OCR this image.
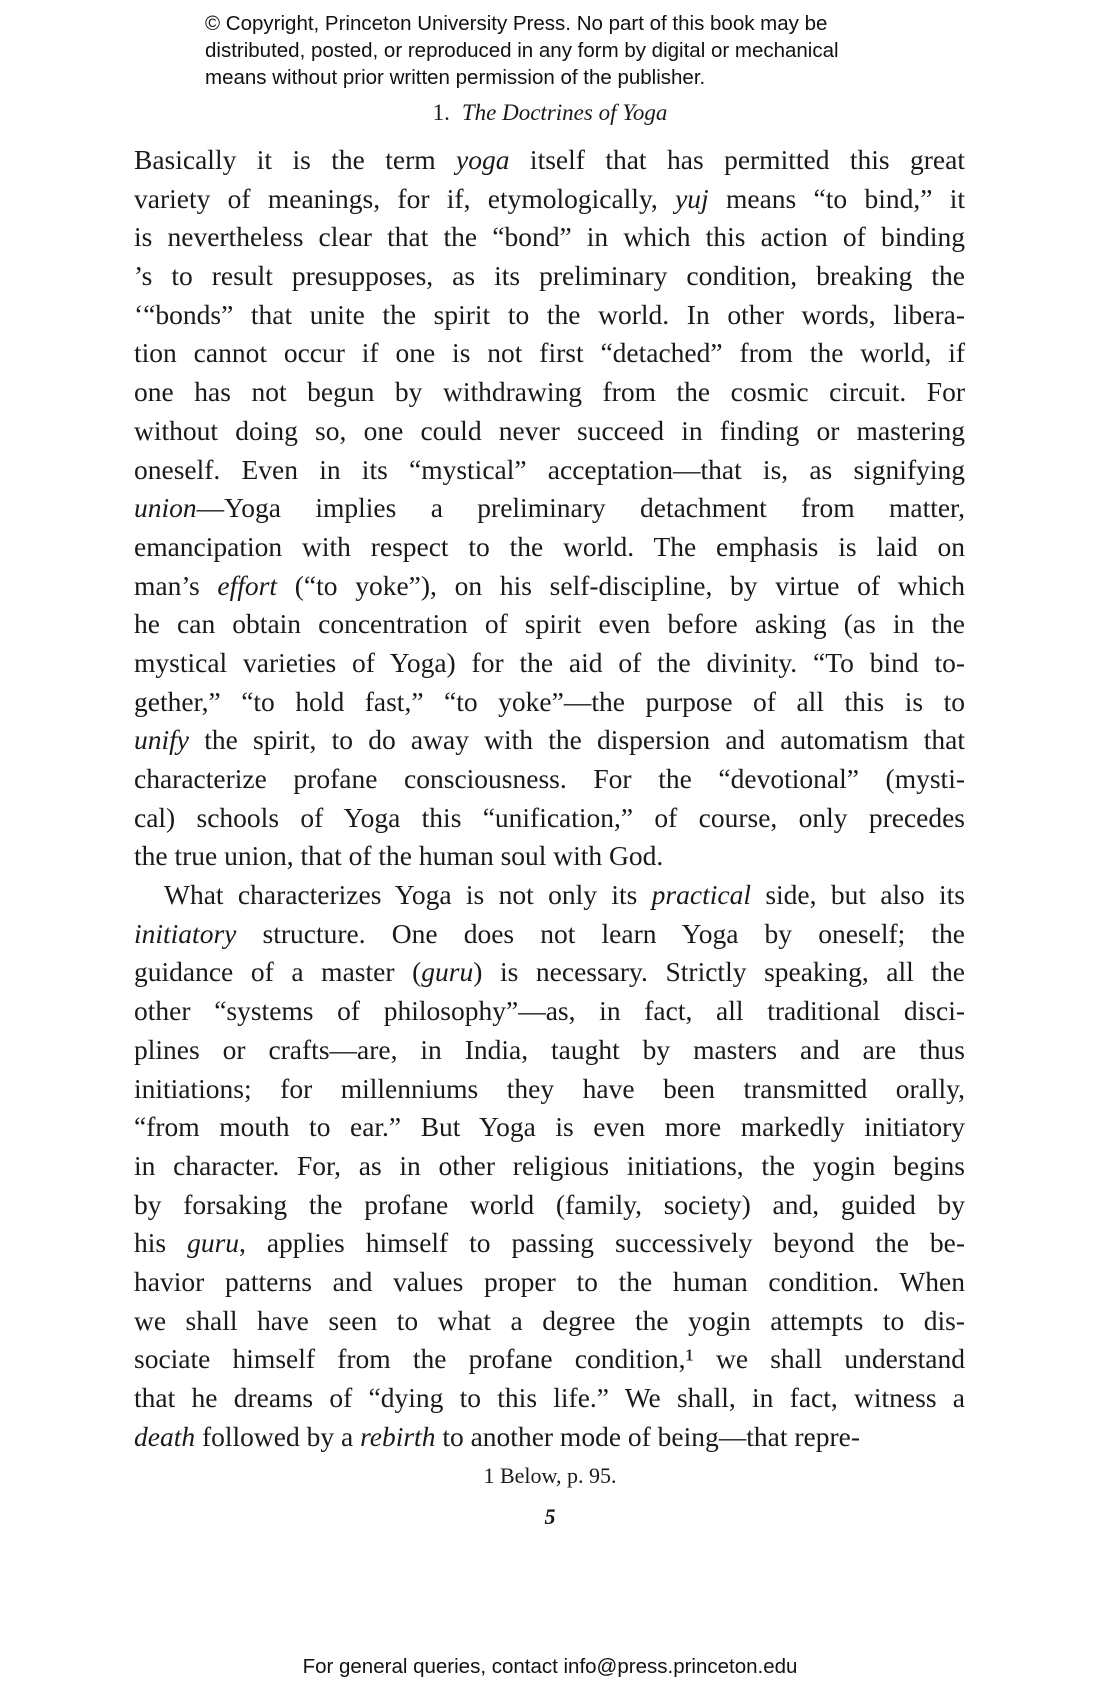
© Copyright, Princeton University Press. No part of this book may be
distributed, posted, or reproduced in any form by digital or mechanical
means without prior written permission of the publisher.
1. The Doctrines of Yoga
Basically it is the term yoga itself that has permitted this great
variety of meanings, for if, etymologically, yuj means “to bind,” it
is nevertheless clear that the “bond” in which this action of binding
’s to result presupposes, as its preliminary condition, breaking the
‘“bonds” that unite the spirit to the world. In other words, libera-
tion cannot occur if one is not first “detached” from the world, if
one has not begun by withdrawing from the cosmic circuit. For
without doing so, one could never succeed in finding or mastering
oneself. Even in its “mystical” acceptation—that is, as signifying
union—Yoga implies a preliminary detachment from matter,
emancipation with respect to the world. The emphasis is laid on
man’s effort (“to yoke”), on his self-discipline, by virtue of which
he can obtain concentration of spirit even before asking (as in the
mystical varieties of Yoga) for the aid of the divinity. “To bind to-
gether,” “to hold fast,” “to yoke”—the purpose of all this is to
unify the spirit, to do away with the dispersion and automatism that
characterize profane consciousness. For the “devotional” (mysti-
cal) schools of Yoga this “unification,” of course, only precedes
the true union, that of the human soul with God.
What characterizes Yoga is not only its practical side, but also its
initiatory structure. One does not learn Yoga by oneself; the
guidance of a master (guru) is necessary. Strictly speaking, all the
other “systems of philosophy”—as, in fact, all traditional disci-
plines or crafts—are, in India, taught by masters and are thus
initiations; for millenniums they have been transmitted orally,
“from mouth to ear.” But Yoga is even more markedly initiatory
in character. For, as in other religious initiations, the yogin begins
by forsaking the profane world (family, society) and, guided by
his guru, applies himself to passing successively beyond the be-
havior patterns and values proper to the human condition. When
we shall have seen to what a degree the yogin attempts to dis-
sociate himself from the profane condition,¹ we shall understand
that he dreams of “dying to this life.” We shall, in fact, witness a
death followed by a rebirth to another mode of being—that repre-
1 Below, p. 95.
5
For general queries, contact info@press.princeton.edu
